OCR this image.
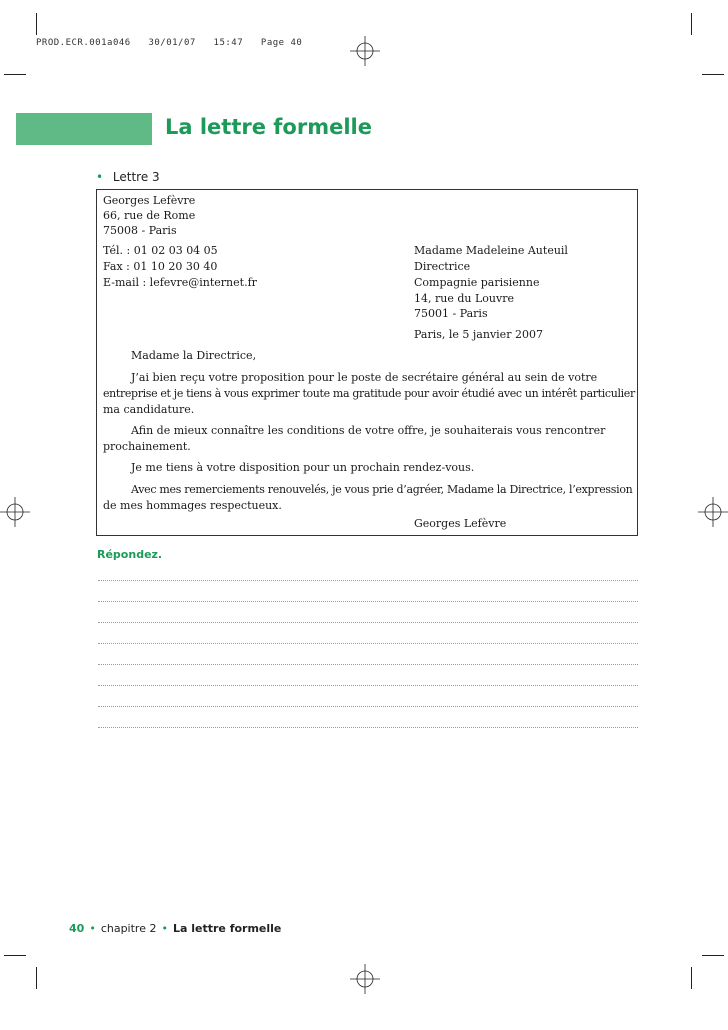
PROD.ECR.001a046   30/01/07   15:47   Page 40
La lettre formelle
• Lettre 3
Georges Lefèvre
66, rue de Rome
75008 - Paris
Tél. : 01 02 03 04 05
Fax : 01 10 20 30 40
E-mail : lefevre@internet.fr
Madame Madeleine Auteuil
Directrice
Compagnie parisienne
14, rue du Louvre
75001 - Paris
Paris, le 5 janvier 2007
Madame la Directrice,
J’ai bien reçu votre proposition pour le poste de secrétaire général au sein de votre
entreprise et je tiens à vous exprimer toute ma gratitude pour avoir étudié avec un intérêt particulier
ma candidature.
Afin de mieux connaître les conditions de votre offre, je souhaiterais vous rencontrer
prochainement.
Je me tiens à votre disposition pour un prochain rendez-vous.
Avec mes remerciements renouvelés, je vous prie d’agréer, Madame la Directrice, l’expression
de mes hommages respectueux.
Georges Lefèvre
Répondez.
40 • chapitre 2 • La lettre formelle
